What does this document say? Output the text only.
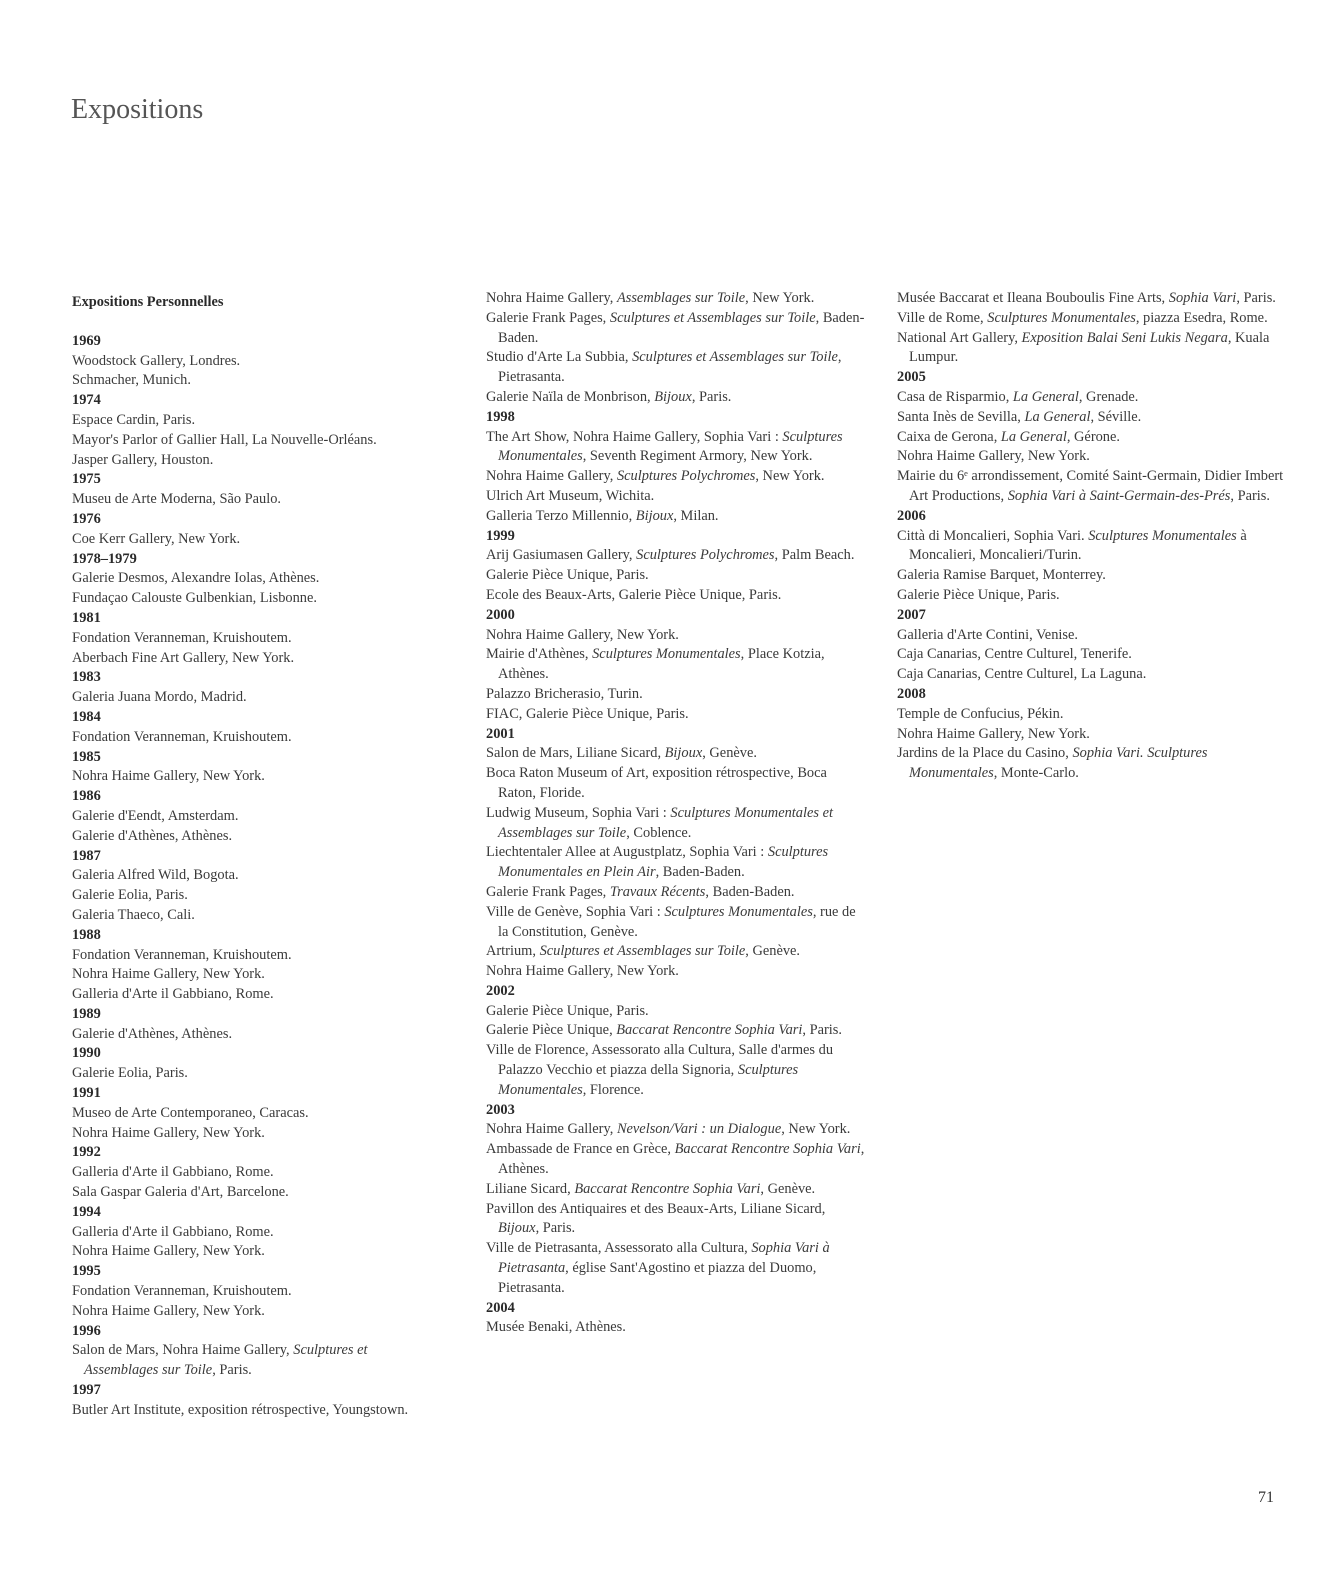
Expositions
Expositions Personnelles
1969
Woodstock Gallery, Londres.
Schmacher, Munich.
1974
Espace Cardin, Paris.
Mayor's Parlor of Gallier Hall, La Nouvelle-Orléans.
Jasper Gallery, Houston.
1975
Museu de Arte Moderna, São Paulo.
1976
Coe Kerr Gallery, New York.
1978–1979
Galerie Desmos, Alexandre Iolas, Athènes.
Fundaçao Calouste Gulbenkian, Lisbonne.
1981
Fondation Veranneman, Kruishoutem.
Aberbach Fine Art Gallery, New York.
1983
Galeria Juana Mordo, Madrid.
1984
Fondation Veranneman, Kruishoutem.
1985
Nohra Haime Gallery, New York.
1986
Galerie d'Eendt, Amsterdam.
Galerie d'Athènes, Athènes.
1987
Galeria Alfred Wild, Bogota.
Galerie Eolia, Paris.
Galeria Thaeco, Cali.
1988
Fondation Veranneman, Kruishoutem.
Nohra Haime Gallery, New York.
Galleria d'Arte il Gabbiano, Rome.
1989
Galerie d'Athènes, Athènes.
1990
Galerie Eolia, Paris.
1991
Museo de Arte Contemporaneo, Caracas.
Nohra Haime Gallery, New York.
1992
Galleria d'Arte il Gabbiano, Rome.
Sala Gaspar Galeria d'Art, Barcelone.
1994
Galleria d'Arte il Gabbiano, Rome.
Nohra Haime Gallery, New York.
1995
Fondation Veranneman, Kruishoutem.
Nohra Haime Gallery, New York.
1996
Salon de Mars, Nohra Haime Gallery, Sculptures et Assemblages sur Toile, Paris.
1997
Butler Art Institute, exposition rétrospective, Youngstown.
Nohra Haime Gallery, Assemblages sur Toile, New York.
Galerie Frank Pages, Sculptures et Assemblages sur Toile, Baden-Baden.
Studio d'Arte La Subbia, Sculptures et Assemblages sur Toile, Pietrasanta.
Galerie Naïla de Monbrison, Bijoux, Paris.
1998
The Art Show, Nohra Haime Gallery, Sophia Vari : Sculptures Monumentales, Seventh Regiment Armory, New York.
Nohra Haime Gallery, Sculptures Polychromes, New York.
Ulrich Art Museum, Wichita.
Galleria Terzo Millennio, Bijoux, Milan.
1999
Arij Gasiumasen Gallery, Sculptures Polychromes, Palm Beach.
Galerie Pièce Unique, Paris.
Ecole des Beaux-Arts, Galerie Pièce Unique, Paris.
2000
Nohra Haime Gallery, New York.
Mairie d'Athènes, Sculptures Monumentales, Place Kotzia, Athènes.
Palazzo Bricherasio, Turin.
FIAC, Galerie Pièce Unique, Paris.
2001
Salon de Mars, Liliane Sicard, Bijoux, Genève.
Boca Raton Museum of Art, exposition rétrospective, Boca Raton, Floride.
Ludwig Museum, Sophia Vari : Sculptures Monumentales et Assemblages sur Toile, Coblence.
Liechtentaler Allee at Augustplatz, Sophia Vari : Sculptures Monumentales en Plein Air, Baden-Baden.
Galerie Frank Pages, Travaux Récents, Baden-Baden.
Ville de Genève, Sophia Vari : Sculptures Monumentales, rue de la Constitution, Genève.
Artrium, Sculptures et Assemblages sur Toile, Genève.
Nohra Haime Gallery, New York.
2002
Galerie Pièce Unique, Paris.
Galerie Pièce Unique, Baccarat Rencontre Sophia Vari, Paris.
Ville de Florence, Assessorato alla Cultura, Salle d'armes du Palazzo Vecchio et piazza della Signoria, Sculptures Monumentales, Florence.
2003
Nohra Haime Gallery, Nevelson/Vari : un Dialogue, New York.
Ambassade de France en Grèce, Baccarat Rencontre Sophia Vari, Athènes.
Liliane Sicard, Baccarat Rencontre Sophia Vari, Genève.
Pavillon des Antiquaires et des Beaux-Arts, Liliane Sicard, Bijoux, Paris.
Ville de Pietrasanta, Assessorato alla Cultura, Sophia Vari à Pietrasanta, église Sant'Agostino et piazza del Duomo, Pietrasanta.
2004
Musée Benaki, Athènes.
Musée Baccarat et Ileana Bouboulis Fine Arts, Sophia Vari, Paris.
Ville de Rome, Sculptures Monumentales, piazza Esedra, Rome.
National Art Gallery, Exposition Balai Seni Lukis Negara, Kuala Lumpur.
2005
Casa de Risparmio, La General, Grenade.
Santa Inès de Sevilla, La General, Séville.
Caixa de Gerona, La General, Gérone.
Nohra Haime Gallery, New York.
Mairie du 6ᵉ arrondissement, Comité Saint-Germain, Didier Imbert Art Productions, Sophia Vari à Saint-Germain-des-Prés, Paris.
2006
Città di Moncalieri, Sophia Vari. Sculptures Monumentales à Moncalieri, Moncalieri/Turin.
Galeria Ramise Barquet, Monterrey.
Galerie Pièce Unique, Paris.
2007
Galleria d'Arte Contini, Venise.
Caja Canarias, Centre Culturel, Tenerife.
Caja Canarias, Centre Culturel, La Laguna.
2008
Temple de Confucius, Pékin.
Nohra Haime Gallery, New York.
Jardins de la Place du Casino, Sophia Vari. Sculptures Monumentales, Monte-Carlo.
71
